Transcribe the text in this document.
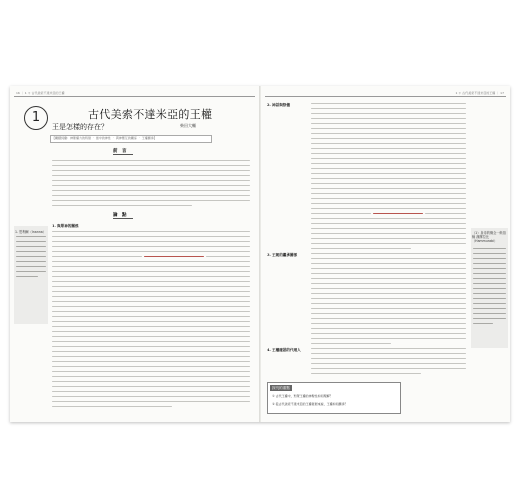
16 ｜ 1 ＊ 古代美索不達米亞的王權
1	古代美索不達米亞的王權
王是怎樣的存在？	柴田大輔
【關鍵詞彙：神聖權力的特徵 ‧ 當中的神性 ‧ 與神應互的關係 ‧ 王權繼承】
前　言
論　點
1. 與眾神的關係
1. 恩利爾（Inanna）
1 ＊ 古代美索不達米亞的王權 ｜ 17
2. 神話與祭儀
3. 王朝的繼承關係
4. 王權確認的代理人
（1）皇帝的概念一般指稱 漢摩拉比（Hammurabi）
探究的重點
① 古代王權中，對眾王權的神聖性如何理解？
② 從古代美索不達米亞的王權發展來看，王權如何繼承？
